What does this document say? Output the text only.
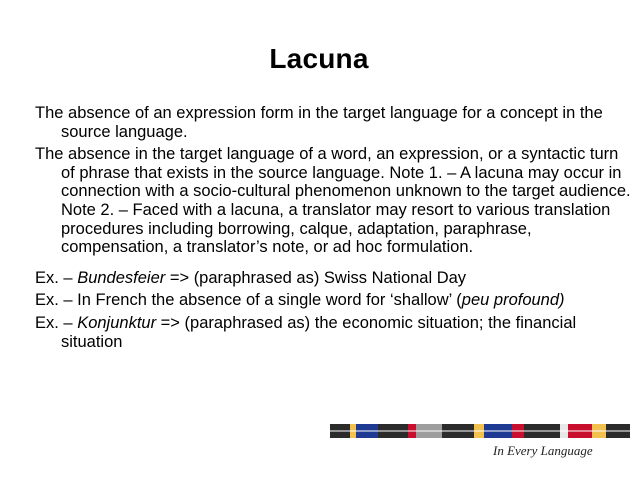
Lacuna

The absence of an expression form in the target language for a concept in the source language.

The absence in the target language of a word, an expression, or a syntactic turn of phrase that exists in the source language. Note 1. – A lacuna may occur in connection with a socio-cultural phenomenon unknown to the target audience. Note 2. – Faced with a lacuna, a translator may resort to various translation procedures including borrowing, calque, adaptation, paraphrase, compensation, a translator’s note, or ad hoc formulation.

Ex. – Bundesfeier => (paraphrased as) Swiss National Day

Ex. – In French the absence of a single word for ‘shallow’ (peu profound)

Ex. – Konjunktur => (paraphrased as) the economic situation; the financial situation

In Every Language
